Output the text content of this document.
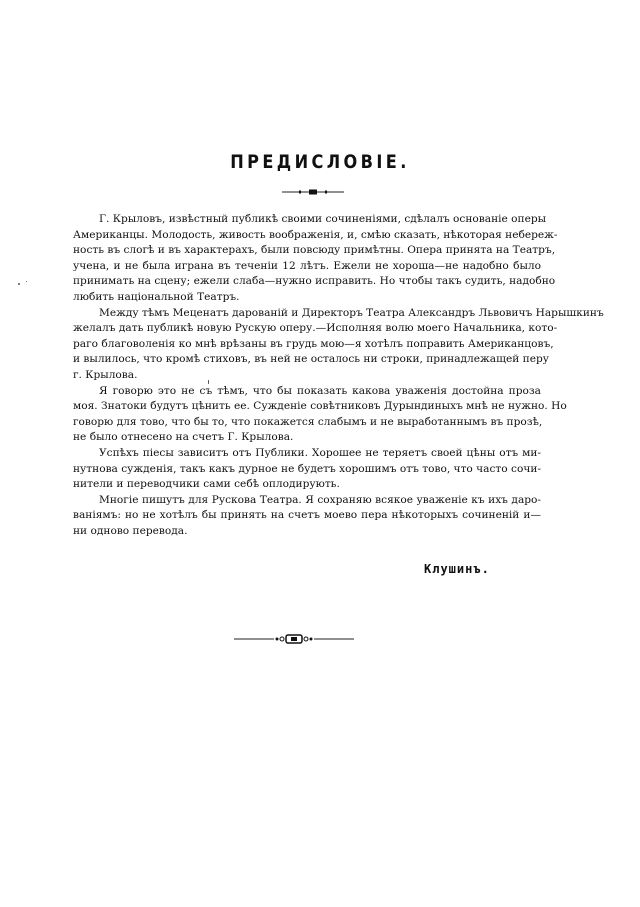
ПРЕДИСЛОВІЕ.

Г. Крыловъ, извѣстный публикѣ своими сочиненіями, сдѣлалъ основаніе оперы
Американцы. Молодость, живость воображенія, и, смѣю сказать, нѣкоторая небереж-
ность въ слогѣ и въ характерахъ, были повсюду примѣтны. Опера принята на Театръ,
учена, и не была играна въ теченіи 12 лѣтъ. Ежели не хороша—не надобно было
принимать на сцену; ежели слаба—нужно исправить. Но чтобы такъ судить, надобно
любить національной Театръ.

Между тѣмъ Меценатъ дарованій и Директоръ Театра Александръ Львовичъ Нарышкинъ
желалъ дать публикѣ новую Рускую оперу.—Исполняя волю моего Начальника, кото-
раго благоволенія ко мнѣ врѣзаны въ грудь мою—я хотѣлъ поправить Американцовъ,
и вылилось, что кромѣ стиховъ, въ ней не осталось ни строки, принадлежащей перу
г. Крылова.

Я говорю это не съ тѣмъ, что бы показать какова уваженія достойна проза
моя. Знатоки будутъ цѣнить ее. Сужденіе совѣтниковъ Дурындиныхъ мнѣ не нужно. Но
говорю для тово, что бы то, что покажется слабымъ и не выработаннымъ въ прозѣ,
не было отнесено на счетъ Г. Крылова.

Успѣхъ піесы зависитъ отъ Публики. Хорошее не теряетъ своей цѣны отъ ми-
нутнова сужденія, такъ какъ дурное не будетъ хорошимъ отъ тово, что часто сочи-
нители и переводчики сами себѣ оплодирують.

Многіе пишутъ для Рускова Театра. Я сохраняю всякое уваженіе къ ихъ даро-
ваніямъ: но не хотѣлъ бы принять на счетъ моево пера нѣкоторыхъ сочиненій и—
ни одново перевода.

Клушинъ.
